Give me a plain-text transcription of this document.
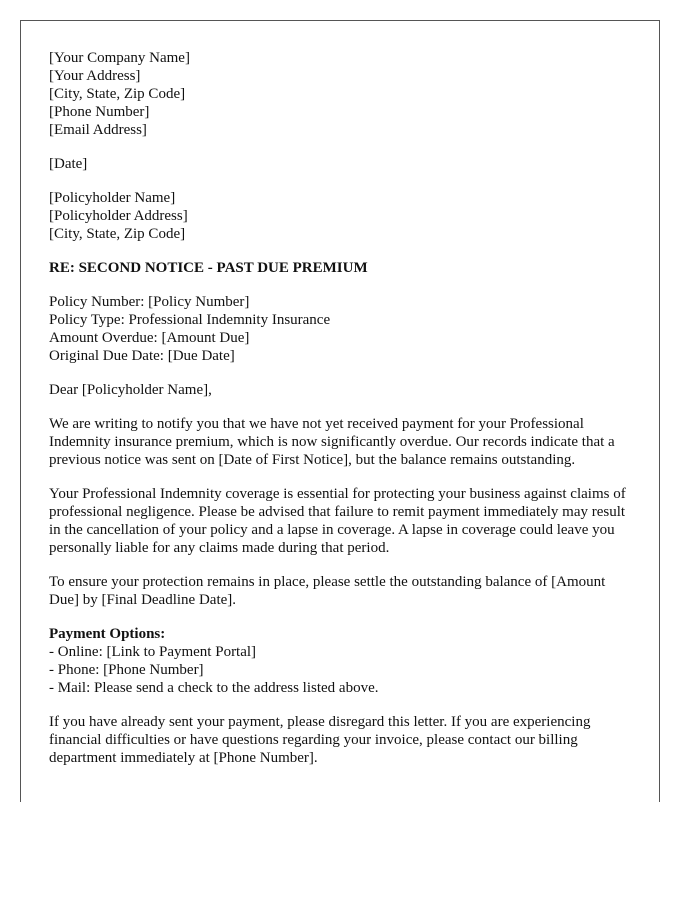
[Your Company Name]
[Your Address]
[City, State, Zip Code]
[Phone Number]
[Email Address]
[Date]
[Policyholder Name]
[Policyholder Address]
[City, State, Zip Code]
RE: SECOND NOTICE - PAST DUE PREMIUM
Policy Number: [Policy Number]
Policy Type: Professional Indemnity Insurance
Amount Overdue: [Amount Due]
Original Due Date: [Due Date]
Dear [Policyholder Name],

We are writing to notify you that we have not yet received payment for your Professional Indemnity insurance premium, which is now significantly overdue. Our records indicate that a previous notice was sent on [Date of First Notice], but the balance remains outstanding.

Your Professional Indemnity coverage is essential for protecting your business against claims of professional negligence. Please be advised that failure to remit payment immediately may result in the cancellation of your policy and a lapse in coverage. A lapse in coverage could leave you personally liable for any claims made during that period.

To ensure your protection remains in place, please settle the outstanding balance of [Amount Due] by [Final Deadline Date].

Payment Options:
- Online: [Link to Payment Portal]
- Phone: [Phone Number]
- Mail: Please send a check to the address listed above.

If you have already sent your payment, please disregard this letter. If you are experiencing financial difficulties or have questions regarding your invoice, please contact our billing department immediately at [Phone Number].
